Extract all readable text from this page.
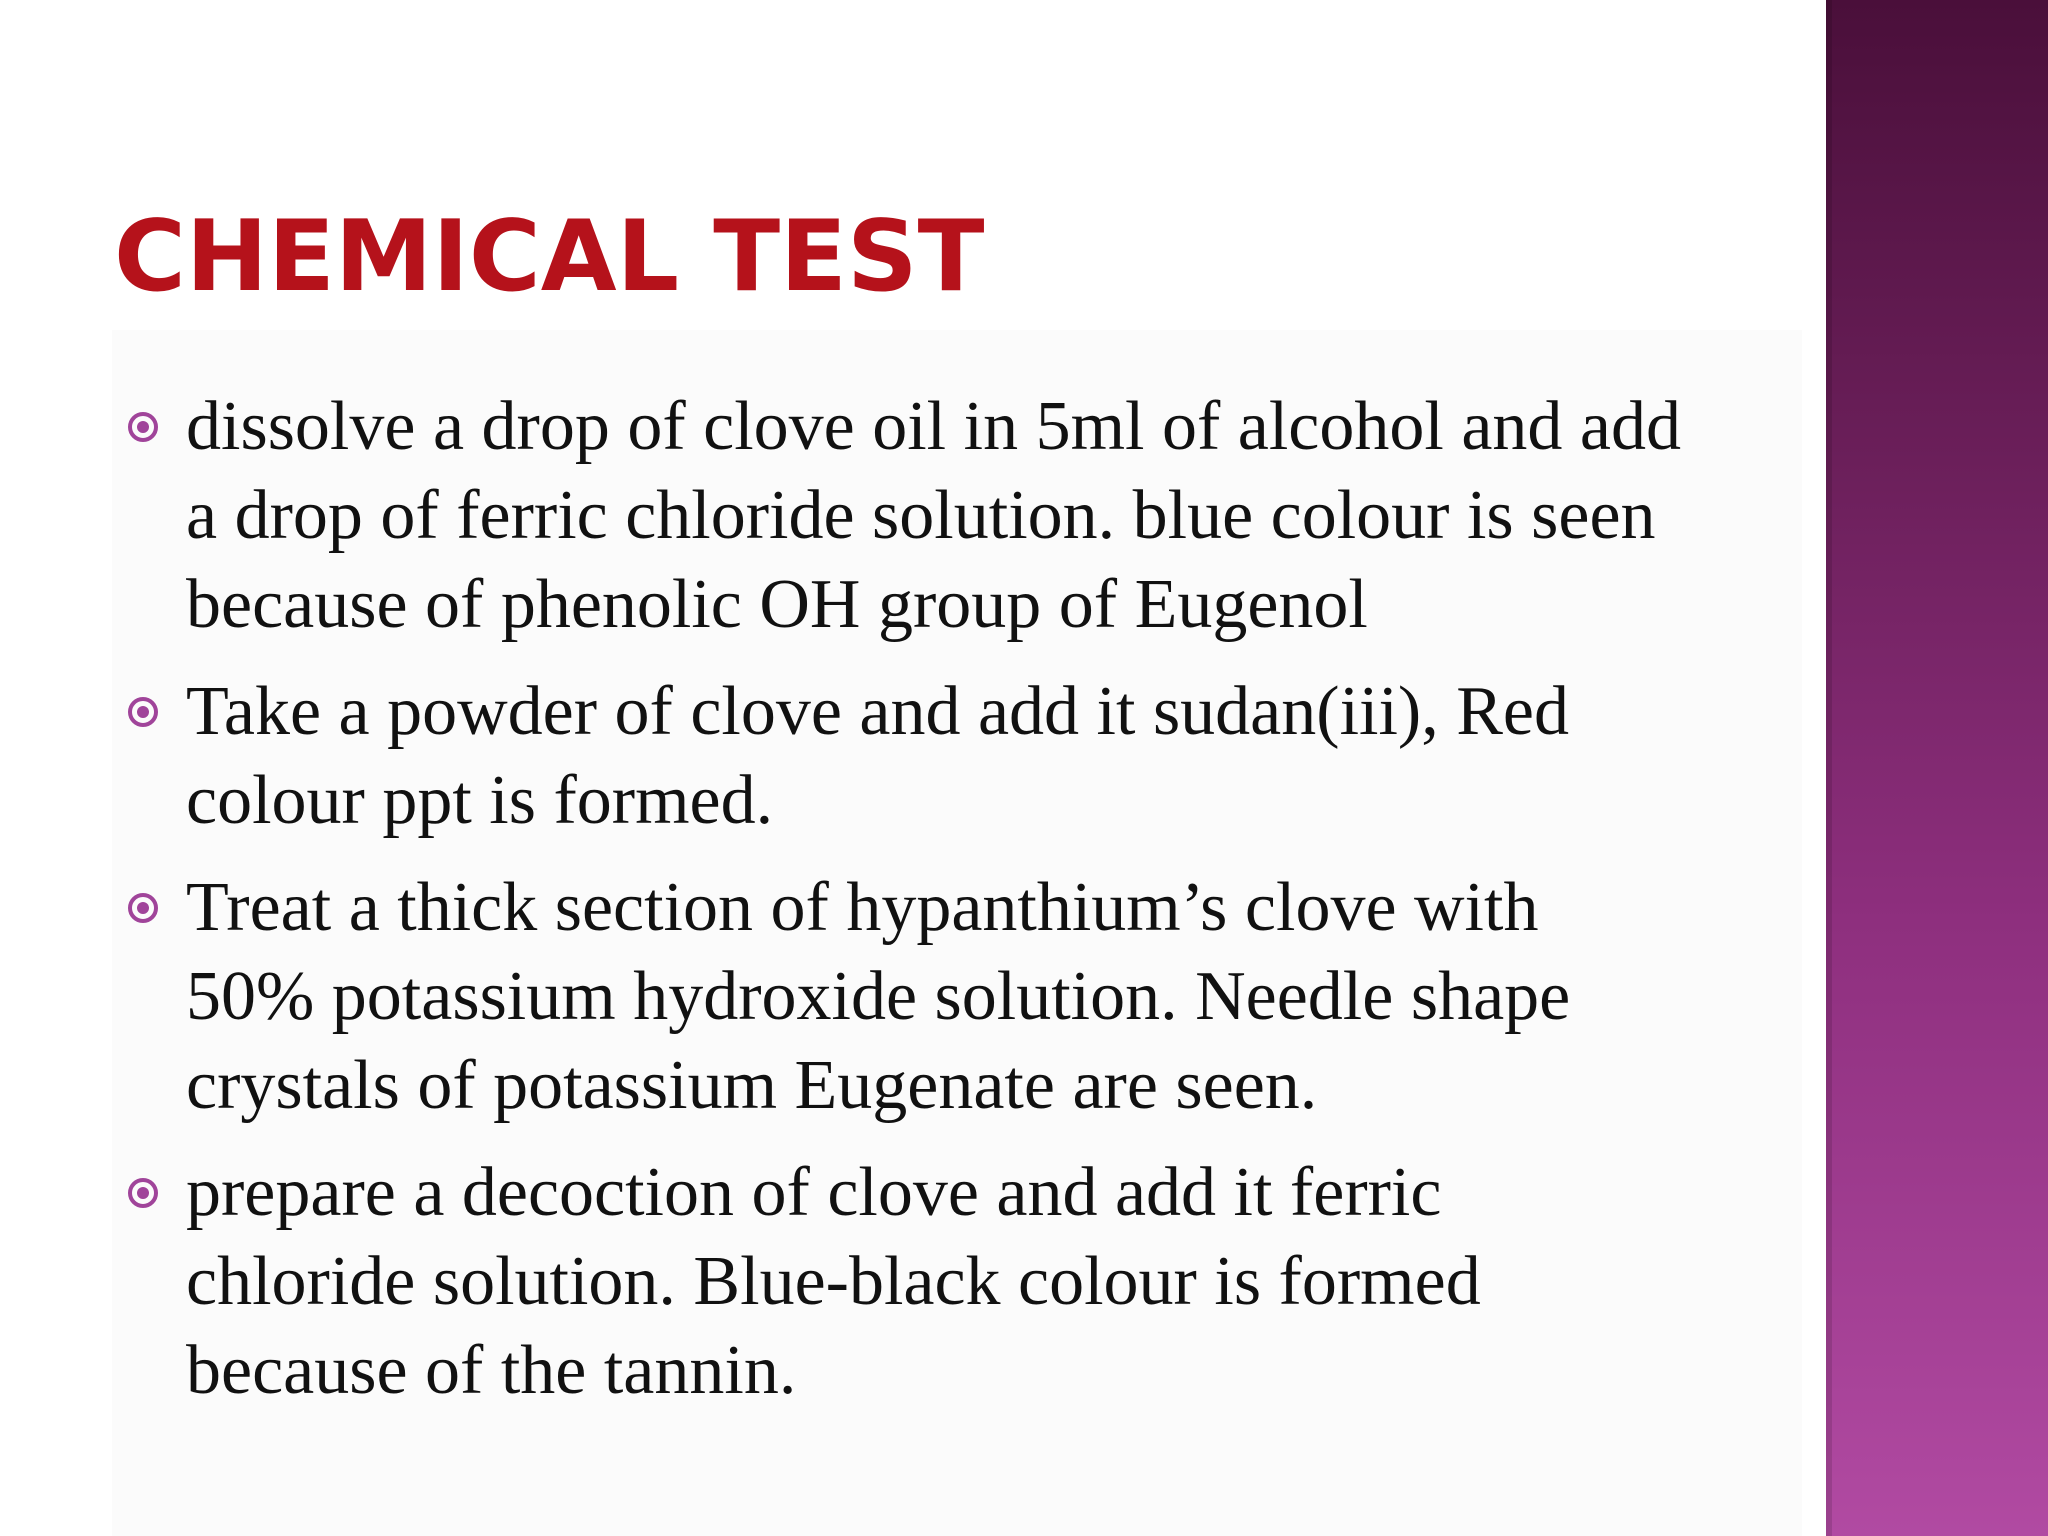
CHEMICAL TEST
dissolve a drop of clove oil in 5ml of alcohol and add a drop of ferric chloride solution. blue colour is seen because of phenolic OH group of Eugenol
Take a powder of clove and add it sudan(iii), Red colour ppt is formed.
Treat a thick section of hypanthium’s clove with 50% potassium hydroxide solution. Needle shape crystals of potassium Eugenate are seen.
prepare a decoction of clove and add it ferric chloride solution. Blue-black colour is formed because of the tannin.
